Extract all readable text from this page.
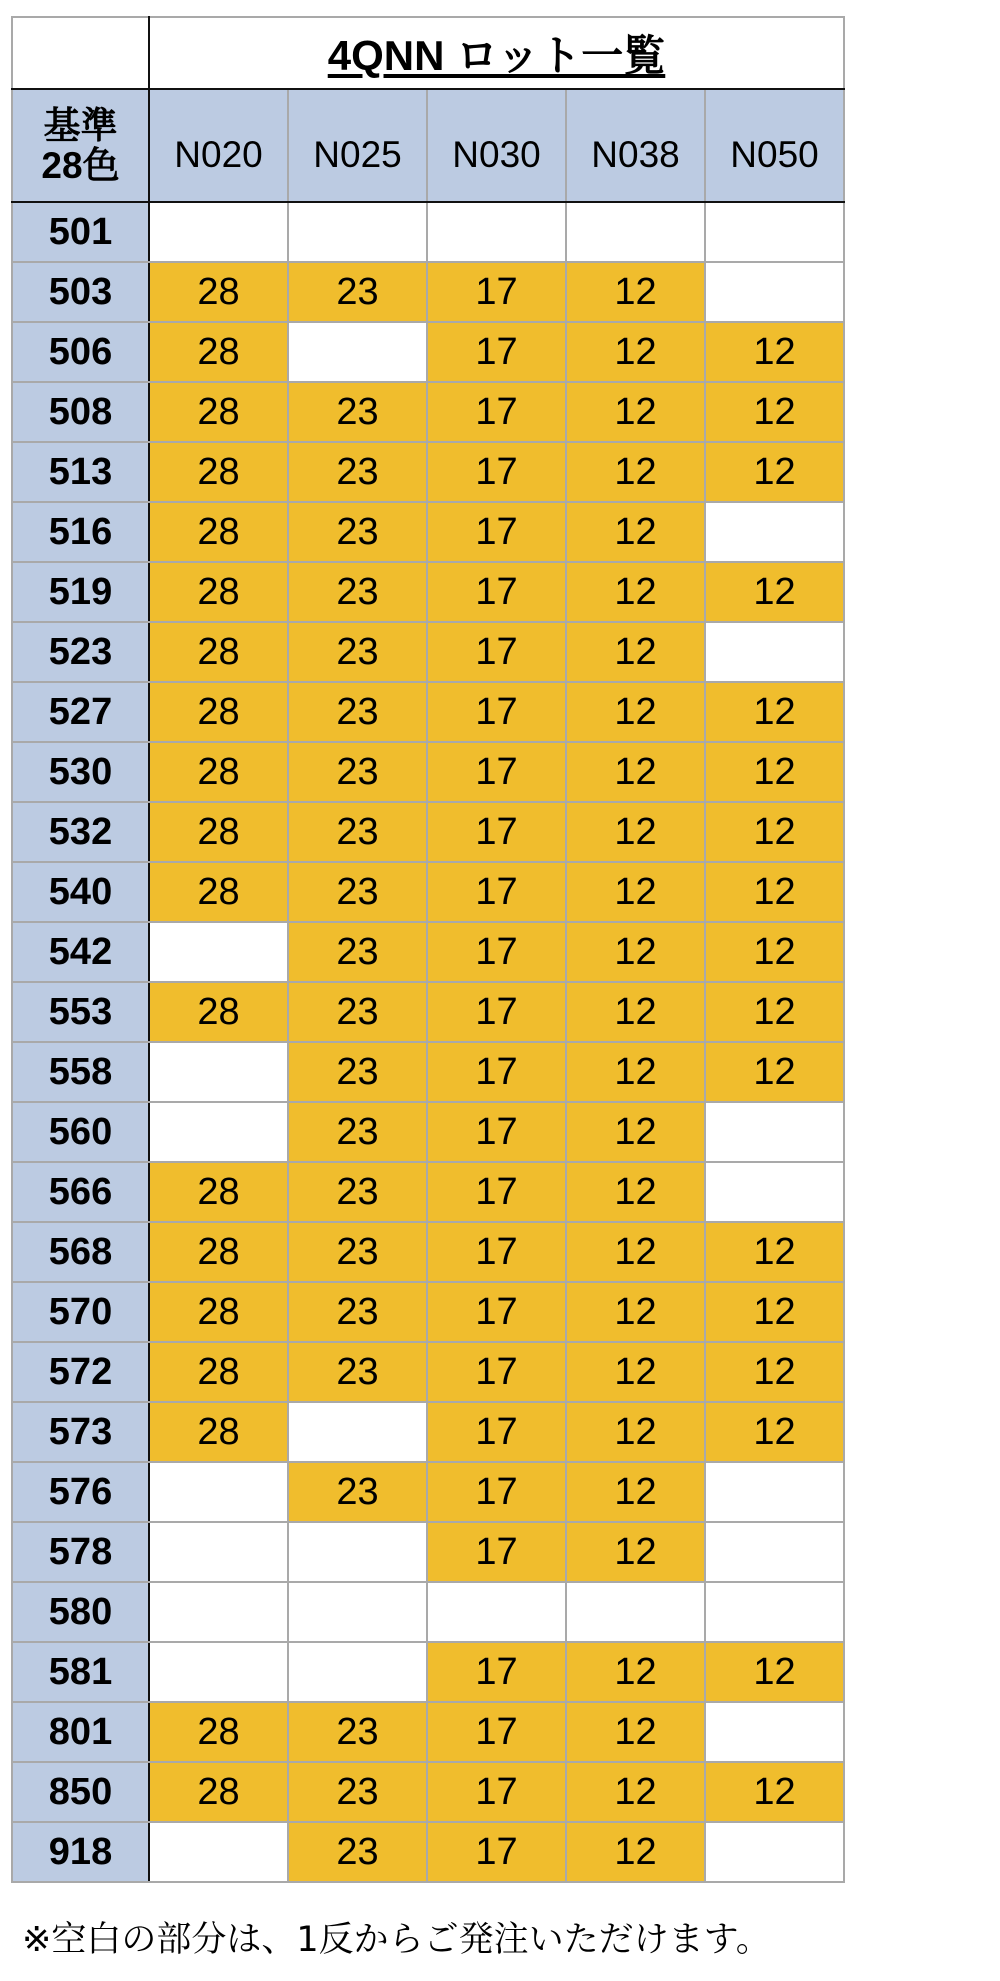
	4QNN ロット一覧				

基準
28色	N020	N025	N030	N038	N050
501					
503	28	23	17	12	
506	28		17	12	12
508	28	23	17	12	12
513	28	23	17	12	12
516	28	23	17	12	
519	28	23	17	12	12
523	28	23	17	12	
527	28	23	17	12	12
530	28	23	17	12	12
532	28	23	17	12	12
540	28	23	17	12	12
542		23	17	12	12
553	28	23	17	12	12
558		23	17	12	12
560		23	17	12	
566	28	23	17	12	
568	28	23	17	12	12
570	28	23	17	12	12
572	28	23	17	12	12
573	28		17	12	12
576		23	17	12	
578			17	12	
580					
581			17	12	12
801	28	23	17	12	
850	28	23	17	12	12
918		23	17	12	
※空白の部分は、1反からご発注いただけます。
